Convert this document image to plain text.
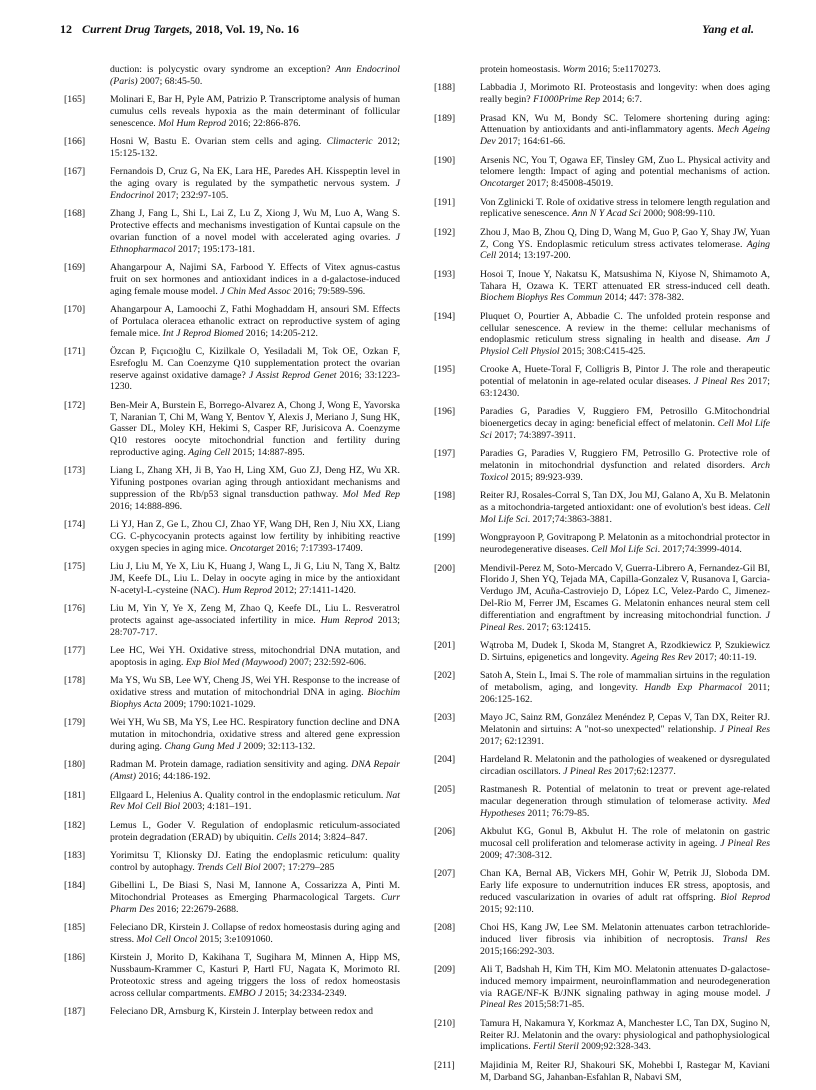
12 Current Drug Targets, 2018, Vol. 19, No. 16	Yang et al.
duction: is polycystic ovary syndrome an exception? Ann Endocrinol (Paris) 2007; 68:45-50.
[165]	Molinari E, Bar H, Pyle AM, Patrizio P. Transcriptome analysis of human cumulus cells reveals hypoxia as the main determinant of follicular senescence. Mol Hum Reprod 2016; 22:866-876.
[166]	Hosni W, Bastu E. Ovarian stem cells and aging. Climacteric 2012; 15:125-132.
[167]	Fernandois D, Cruz G, Na EK, Lara HE, Paredes AH. Kisspeptin level in the aging ovary is regulated by the sympathetic nervous system. J Endocrinol 2017; 232:97-105.
[168]	Zhang J, Fang L, Shi L, Lai Z, Lu Z, Xiong J, Wu M, Luo A, Wang S. Protective effects and mechanisms investigation of Kuntai capsule on the ovarian function of a novel model with accelerated aging ovaries. J Ethnopharmacol 2017; 195:173-181.
[169]	Ahangarpour A, Najimi SA, Farbood Y. Effects of Vitex agnus-castus fruit on sex hormones and antioxidant indices in a d-galactose-induced aging female mouse model. J Chin Med Assoc 2016; 79:589-596.
[170]	Ahangarpour A, Lamoochi Z, Fathi Moghaddam H, ansouri SM. Effects of Portulaca oleracea ethanolic extract on reproductive system of aging female mice. Int J Reprod Biomed 2016; 14:205-212.
[171]	Özcan P, Fıçıcıoğlu C, Kizilkale O, Yesiladali M, Tok OE, Ozkan F, Esrefoglu M. Can Coenzyme Q10 supplementation protect the ovarian reserve against oxidative damage? J Assist Reprod Genet 2016; 33:1223-1230.
[172]	Ben-Meir A, Burstein E, Borrego-Alvarez A, Chong J, Wong E, Yavorska T, Naranian T, Chi M, Wang Y, Bentov Y, Alexis J, Meriano J, Sung HK, Gasser DL, Moley KH, Hekimi S, Casper RF, Jurisicova A. Coenzyme Q10 restores oocyte mitochondrial function and fertility during reproductive aging. Aging Cell 2015; 14:887-895.
[173]	Liang L, Zhang XH, Ji B, Yao H, Ling XM, Guo ZJ, Deng HZ, Wu XR. Yifuning postpones ovarian aging through antioxidant mechanisms and suppression of the Rb/p53 signal transduction pathway. Mol Med Rep 2016; 14:888-896.
[174]	Li YJ, Han Z, Ge L, Zhou CJ, Zhao YF, Wang DH, Ren J, Niu XX, Liang CG. C-phycocyanin protects against low fertility by inhibiting reactive oxygen species in aging mice. Oncotarget 2016; 7:17393-17409.
[175]	Liu J, Liu M, Ye X, Liu K, Huang J, Wang L, Ji G, Liu N, Tang X, Baltz JM, Keefe DL, Liu L. Delay in oocyte aging in mice by the antioxidant N-acetyl-L-cysteine (NAC). Hum Reprod 2012; 27:1411-1420.
[176]	Liu M, Yin Y, Ye X, Zeng M, Zhao Q, Keefe DL, Liu L. Resveratrol protects against age-associated infertility in mice. Hum Reprod 2013; 28:707-717.
[177]	Lee HC, Wei YH. Oxidative stress, mitochondrial DNA mutation, and apoptosis in aging. Exp Biol Med (Maywood) 2007; 232:592-606.
[178]	Ma YS, Wu SB, Lee WY, Cheng JS, Wei YH. Response to the increase of oxidative stress and mutation of mitochondrial DNA in aging. Biochim Biophys Acta 2009; 1790:1021-1029.
[179]	Wei YH, Wu SB, Ma YS, Lee HC. Respiratory function decline and DNA mutation in mitochondria, oxidative stress and altered gene expression during aging. Chang Gung Med J 2009; 32:113-132.
[180]	Radman M. Protein damage, radiation sensitivity and aging. DNA Repair (Amst) 2016; 44:186-192.
[181]	Ellgaard L, Helenius A. Quality control in the endoplasmic reticulum. Nat Rev Mol Cell Biol 2003; 4:181–191.
[182]	Lemus L, Goder V. Regulation of endoplasmic reticulum-associated protein degradation (ERAD) by ubiquitin. Cells 2014; 3:824–847.
[183]	Yorimitsu T, Klionsky DJ. Eating the endoplasmic reticulum: quality control by autophagy. Trends Cell Biol 2007; 17:279–285
[184]	Gibellini L, De Biasi S, Nasi M, Iannone A, Cossarizza A, Pinti M. Mitochondrial Proteases as Emerging Pharmacological Targets. Curr Pharm Des 2016; 22:2679-2688.
[185]	Feleciano DR, Kirstein J. Collapse of redox homeostasis during aging and stress. Mol Cell Oncol 2015; 3:e1091060.
[186]	Kirstein J, Morito D, Kakihana T, Sugihara M, Minnen A, Hipp MS, Nussbaum-Krammer C, Kasturi P, Hartl FU, Nagata K, Morimoto RI. Proteotoxic stress and ageing triggers the loss of redox homeostasis across cellular compartments. EMBO J 2015; 34:2334-2349.
[187]	Feleciano DR, Arnsburg K, Kirstein J. Interplay between redox and
protein homeostasis. Worm 2016; 5:e1170273.
[188]	Labbadia J, Morimoto RI. Proteostasis and longevity: when does aging really begin? F1000Prime Rep 2014; 6:7.
[189]	Prasad KN, Wu M, Bondy SC. Telomere shortening during aging: Attenuation by antioxidants and anti-inflammatory agents. Mech Ageing Dev 2017; 164:61-66.
[190]	Arsenis NC, You T, Ogawa EF, Tinsley GM, Zuo L. Physical activity and telomere length: Impact of aging and potential mechanisms of action. Oncotarget 2017; 8:45008-45019.
[191]	Von Zglinicki T. Role of oxidative stress in telomere length regulation and replicative senescence. Ann N Y Acad Sci 2000; 908:99-110.
[192]	Zhou J, Mao B, Zhou Q, Ding D, Wang M, Guo P, Gao Y, Shay JW, Yuan Z, Cong YS. Endoplasmic reticulum stress activates telomerase. Aging Cell 2014; 13:197-200.
[193]	Hosoi T, Inoue Y, Nakatsu K, Matsushima N, Kiyose N, Shimamoto A, Tahara H, Ozawa K. TERT attenuated ER stress-induced cell death. Biochem Biophys Res Commun 2014; 447: 378-382.
[194]	Pluquet O, Pourtier A, Abbadie C. The unfolded protein response and cellular senescence. A review in the theme: cellular mechanisms of endoplasmic reticulum stress signaling in health and disease. Am J Physiol Cell Physiol 2015; 308:C415-425.
[195]	Crooke A, Huete-Toral F, Colligris B, Pintor J. The role and therapeutic potential of melatonin in age-related ocular diseases. J Pineal Res 2017; 63:12430.
[196]	Paradies G, Paradies V, Ruggiero FM, Petrosillo G.Mitochondrial bioenergetics decay in aging: beneficial effect of melatonin. Cell Mol Life Sci 2017; 74:3897-3911.
[197]	Paradies G, Paradies V, Ruggiero FM, Petrosillo G. Protective role of melatonin in mitochondrial dysfunction and related disorders. Arch Toxicol 2015; 89:923-939.
[198]	Reiter RJ, Rosales-Corral S, Tan DX, Jou MJ, Galano A, Xu B. Melatonin as a mitochondria-targeted antioxidant: one of evolution's best ideas. Cell Mol Life Sci. 2017;74:3863-3881.
[199]	Wongprayoon P, Govitrapong P. Melatonin as a mitochondrial protector in neurodegenerative diseases. Cell Mol Life Sci. 2017;74:3999-4014.
[200]	Mendivil-Perez M, Soto-Mercado V, Guerra-Librero A, Fernandez-Gil BI, Florido J, Shen YQ, Tejada MA, Capilla-Gonzalez V, Rusanova I, Garcia-Verdugo JM, Acuña-Castroviejo D, López LC, Velez-Pardo C, Jimenez-Del-Rio M, Ferrer JM, Escames G. Melatonin enhances neural stem cell differentiation and engraftment by increasing mitochondrial function. J Pineal Res. 2017; 63:12415.
[201]	Wątroba M, Dudek I, Skoda M, Stangret A, Rzodkiewicz P, Szukiewicz D. Sirtuins, epigenetics and longevity. Ageing Res Rev 2017; 40:11-19.
[202]	Satoh A, Stein L, Imai S. The role of mammalian sirtuins in the regulation of metabolism, aging, and longevity. Handb Exp Pharmacol 2011; 206:125-162.
[203]	Mayo JC, Sainz RM, González Menéndez P, Cepas V, Tan DX, Reiter RJ. Melatonin and sirtuins: A "not-so unexpected" relationship. J Pineal Res 2017; 62:12391.
[204]	Hardeland R. Melatonin and the pathologies of weakened or dysregulated circadian oscillators. J Pineal Res 2017;62:12377.
[205]	Rastmanesh R. Potential of melatonin to treat or prevent age-related macular degeneration through stimulation of telomerase activity. Med Hypotheses 2011; 76:79-85.
[206]	Akbulut KG, Gonul B, Akbulut H. The role of melatonin on gastric mucosal cell proliferation and telomerase activity in ageing. J Pineal Res 2009; 47:308-312.
[207]	Chan KA, Bernal AB, Vickers MH, Gohir W, Petrik JJ, Sloboda DM. Early life exposure to undernutrition induces ER stress, apoptosis, and reduced vascularization in ovaries of adult rat offspring. Biol Reprod 2015; 92:110.
[208]	Choi HS, Kang JW, Lee SM. Melatonin attenuates carbon tetrachloride-induced liver fibrosis via inhibition of necroptosis. Transl Res 2015;166:292-303.
[209]	Ali T, Badshah H, Kim TH, Kim MO. Melatonin attenuates D-galactose-induced memory impairment, neuroinflammation and neurodegeneration via RAGE/NF-K B/JNK signaling pathway in aging mouse model. J Pineal Res 2015;58:71-85.
[210]	Tamura H, Nakamura Y, Korkmaz A, Manchester LC, Tan DX, Sugino N, Reiter RJ. Melatonin and the ovary: physiological and pathophysiological implications. Fertil Steril 2009;92:328-343.
[211]	Majidinia M, Reiter RJ, Shakouri SK, Mohebbi I, Rastegar M, Kaviani M, Darband SG, Jahanban-Esfahlan R, Nabavi SM,
